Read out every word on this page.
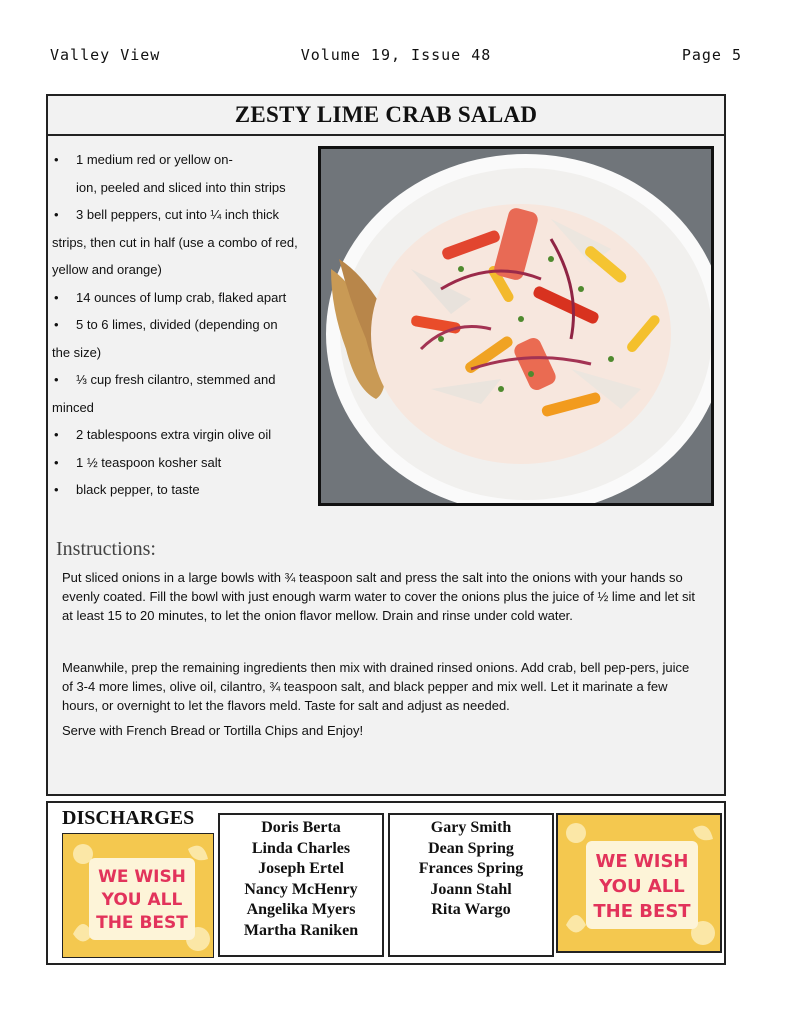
Valley View	Volume 19, Issue 48	Page 5
ZESTY LIME CRAB SALAD
• 1 medium red or yellow on-
ion, peeled and sliced into thin strips
• 3 bell peppers, cut into ¼ inch thick
strips, then cut in half (use a combo of red, yellow and orange)
• 14 ounces of lump crab, flaked apart
• 5 to 6 limes, divided (depending on
the size)
• ⅓ cup fresh cilantro, stemmed and
minced
• 2 tablespoons extra virgin olive oil
• 1 ½ teaspoon kosher salt
• black pepper, to taste
Instructions:

Put sliced onions in a large bowls with ¾ teaspoon salt and press the salt into the onions with your hands so evenly coated. Fill the bowl with just enough warm water to cover the onions plus the juice of ½ lime and let sit at least 15 to 20 minutes, to let the onion flavor mellow. Drain and rinse under cold water.

Meanwhile, prep the remaining ingredients then mix with drained rinsed onions. Add crab, bell pep-pers, juice of 3-4 more limes, olive oil, cilantro, ¾ teaspoon salt, and black pepper and mix well. Let it marinate a few hours, or overnight to let the flavors meld. Taste for salt and adjust as needed.

Serve with French Bread or Tortilla Chips and Enjoy!

DISCHARGES
WE WISH
YOU ALL
THE BEST
Doris Berta
Linda Charles
Joseph Ertel
Nancy McHenry
Angelika Myers
Martha Raniken
Gary Smith
Dean Spring
Frances Spring
Joann Stahl
Rita Wargo
WE WISH
YOU ALL
THE BEST
